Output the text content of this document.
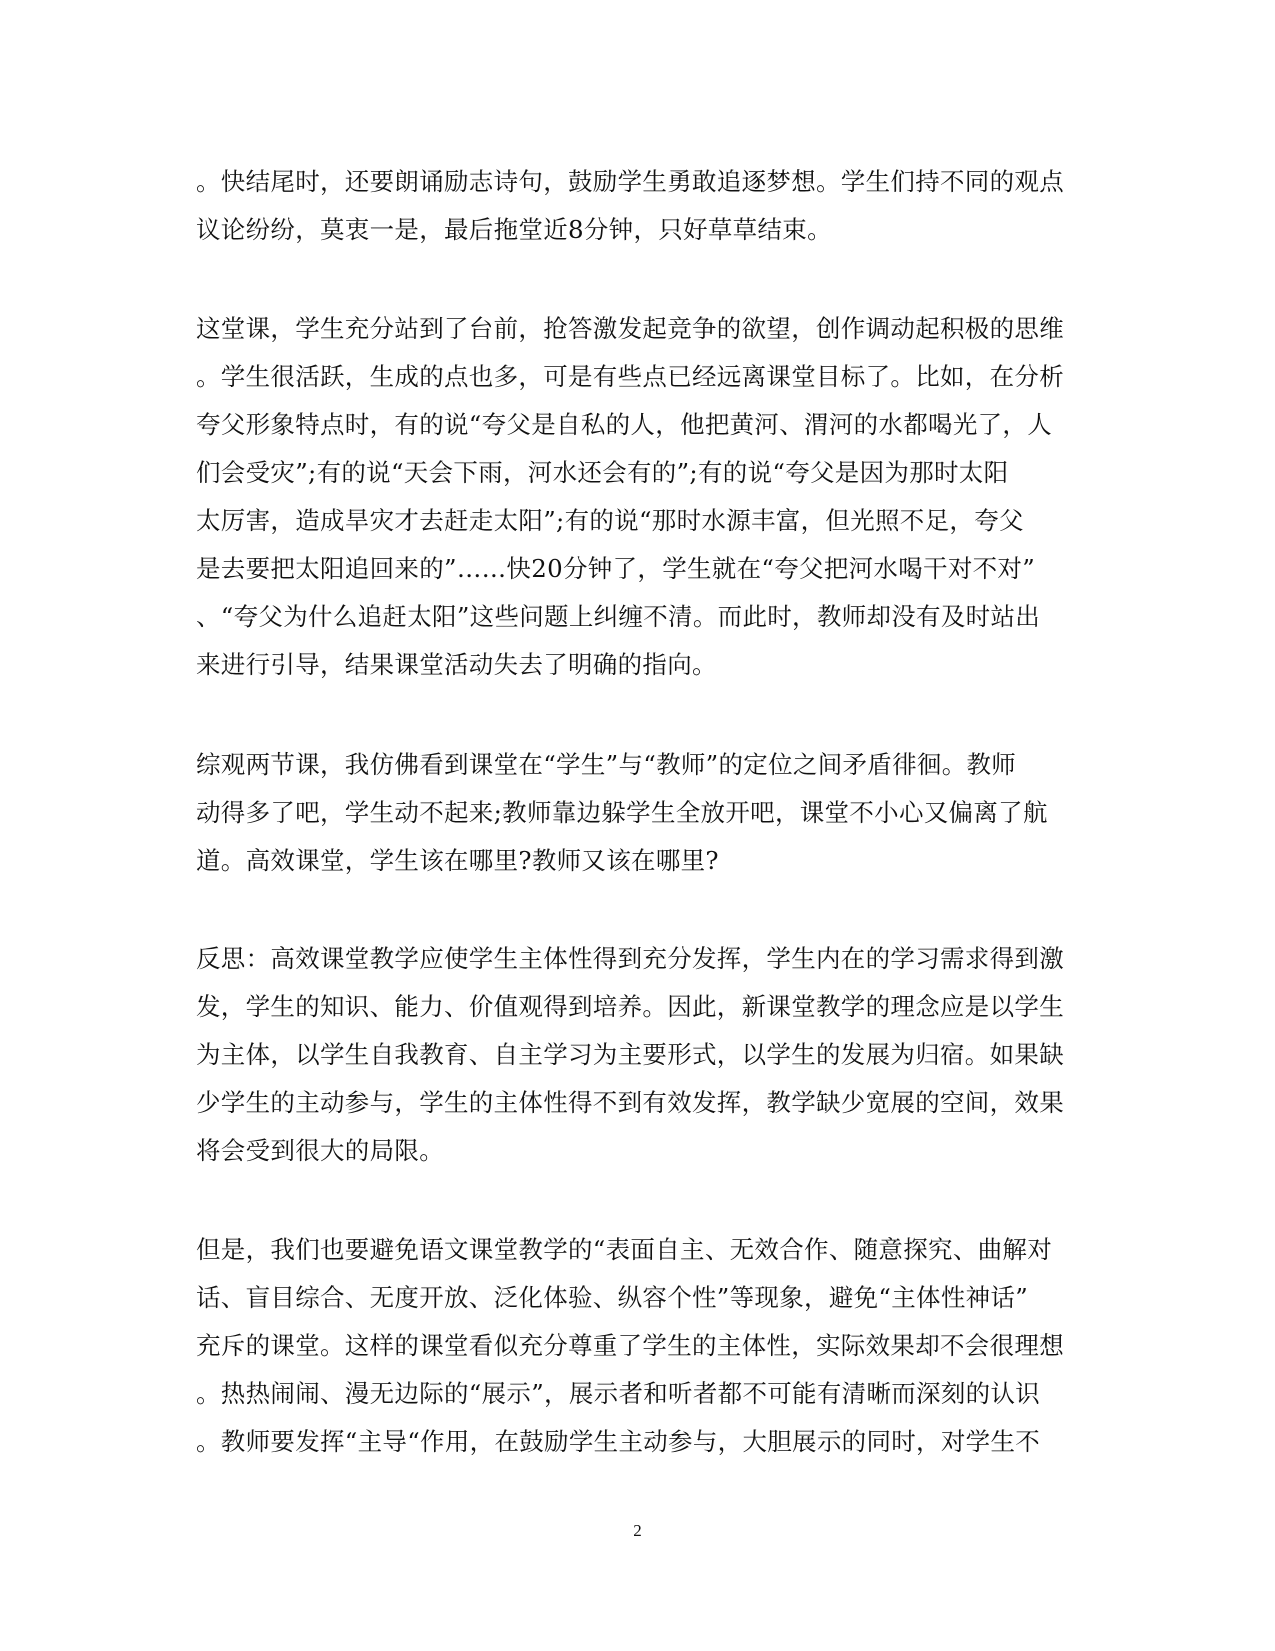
。快结尾时，还要朗诵励志诗句，鼓励学生勇敢追逐梦想。学生们持不同的观点
议论纷纷，莫衷一是，最后拖堂近8分钟，只好草草结束。
这堂课，学生充分站到了台前，抢答激发起竞争的欲望，创作调动起积极的思维
。学生很活跃，生成的点也多，可是有些点已经远离课堂目标了。比如，在分析
夸父形象特点时，有的说“夸父是自私的人，他把黄河、渭河的水都喝光了，人
们会受灾”;有的说“天会下雨，河水还会有的”;有的说“夸父是因为那时太阳
太厉害，造成旱灾才去赶走太阳”;有的说“那时水源丰富，但光照不足，夸父
是去要把太阳追回来的”……快20分钟了，学生就在“夸父把河水喝干对不对”
、“夸父为什么追赶太阳”这些问题上纠缠不清。而此时，教师却没有及时站出
来进行引导，结果课堂活动失去了明确的指向。
综观两节课，我仿佛看到课堂在“学生”与“教师”的定位之间矛盾徘徊。教师
动得多了吧，学生动不起来;教师靠边躲学生全放开吧，课堂不小心又偏离了航
道。高效课堂，学生该在哪里?教师又该在哪里?
反思：高效课堂教学应使学生主体性得到充分发挥，学生内在的学习需求得到激
发，学生的知识、能力、价值观得到培养。因此，新课堂教学的理念应是以学生
为主体，以学生自我教育、自主学习为主要形式，以学生的发展为归宿。如果缺
少学生的主动参与，学生的主体性得不到有效发挥，教学缺少宽展的空间，效果
将会受到很大的局限。
但是，我们也要避免语文课堂教学的“表面自主、无效合作、随意探究、曲解对
话、盲目综合、无度开放、泛化体验、纵容个性”等现象，避免“主体性神话”
充斥的课堂。这样的课堂看似充分尊重了学生的主体性，实际效果却不会很理想
。热热闹闹、漫无边际的“展示”，展示者和听者都不可能有清晰而深刻的认识
。教师要发挥“主导“作用，在鼓励学生主动参与，大胆展示的同时，对学生不
2
